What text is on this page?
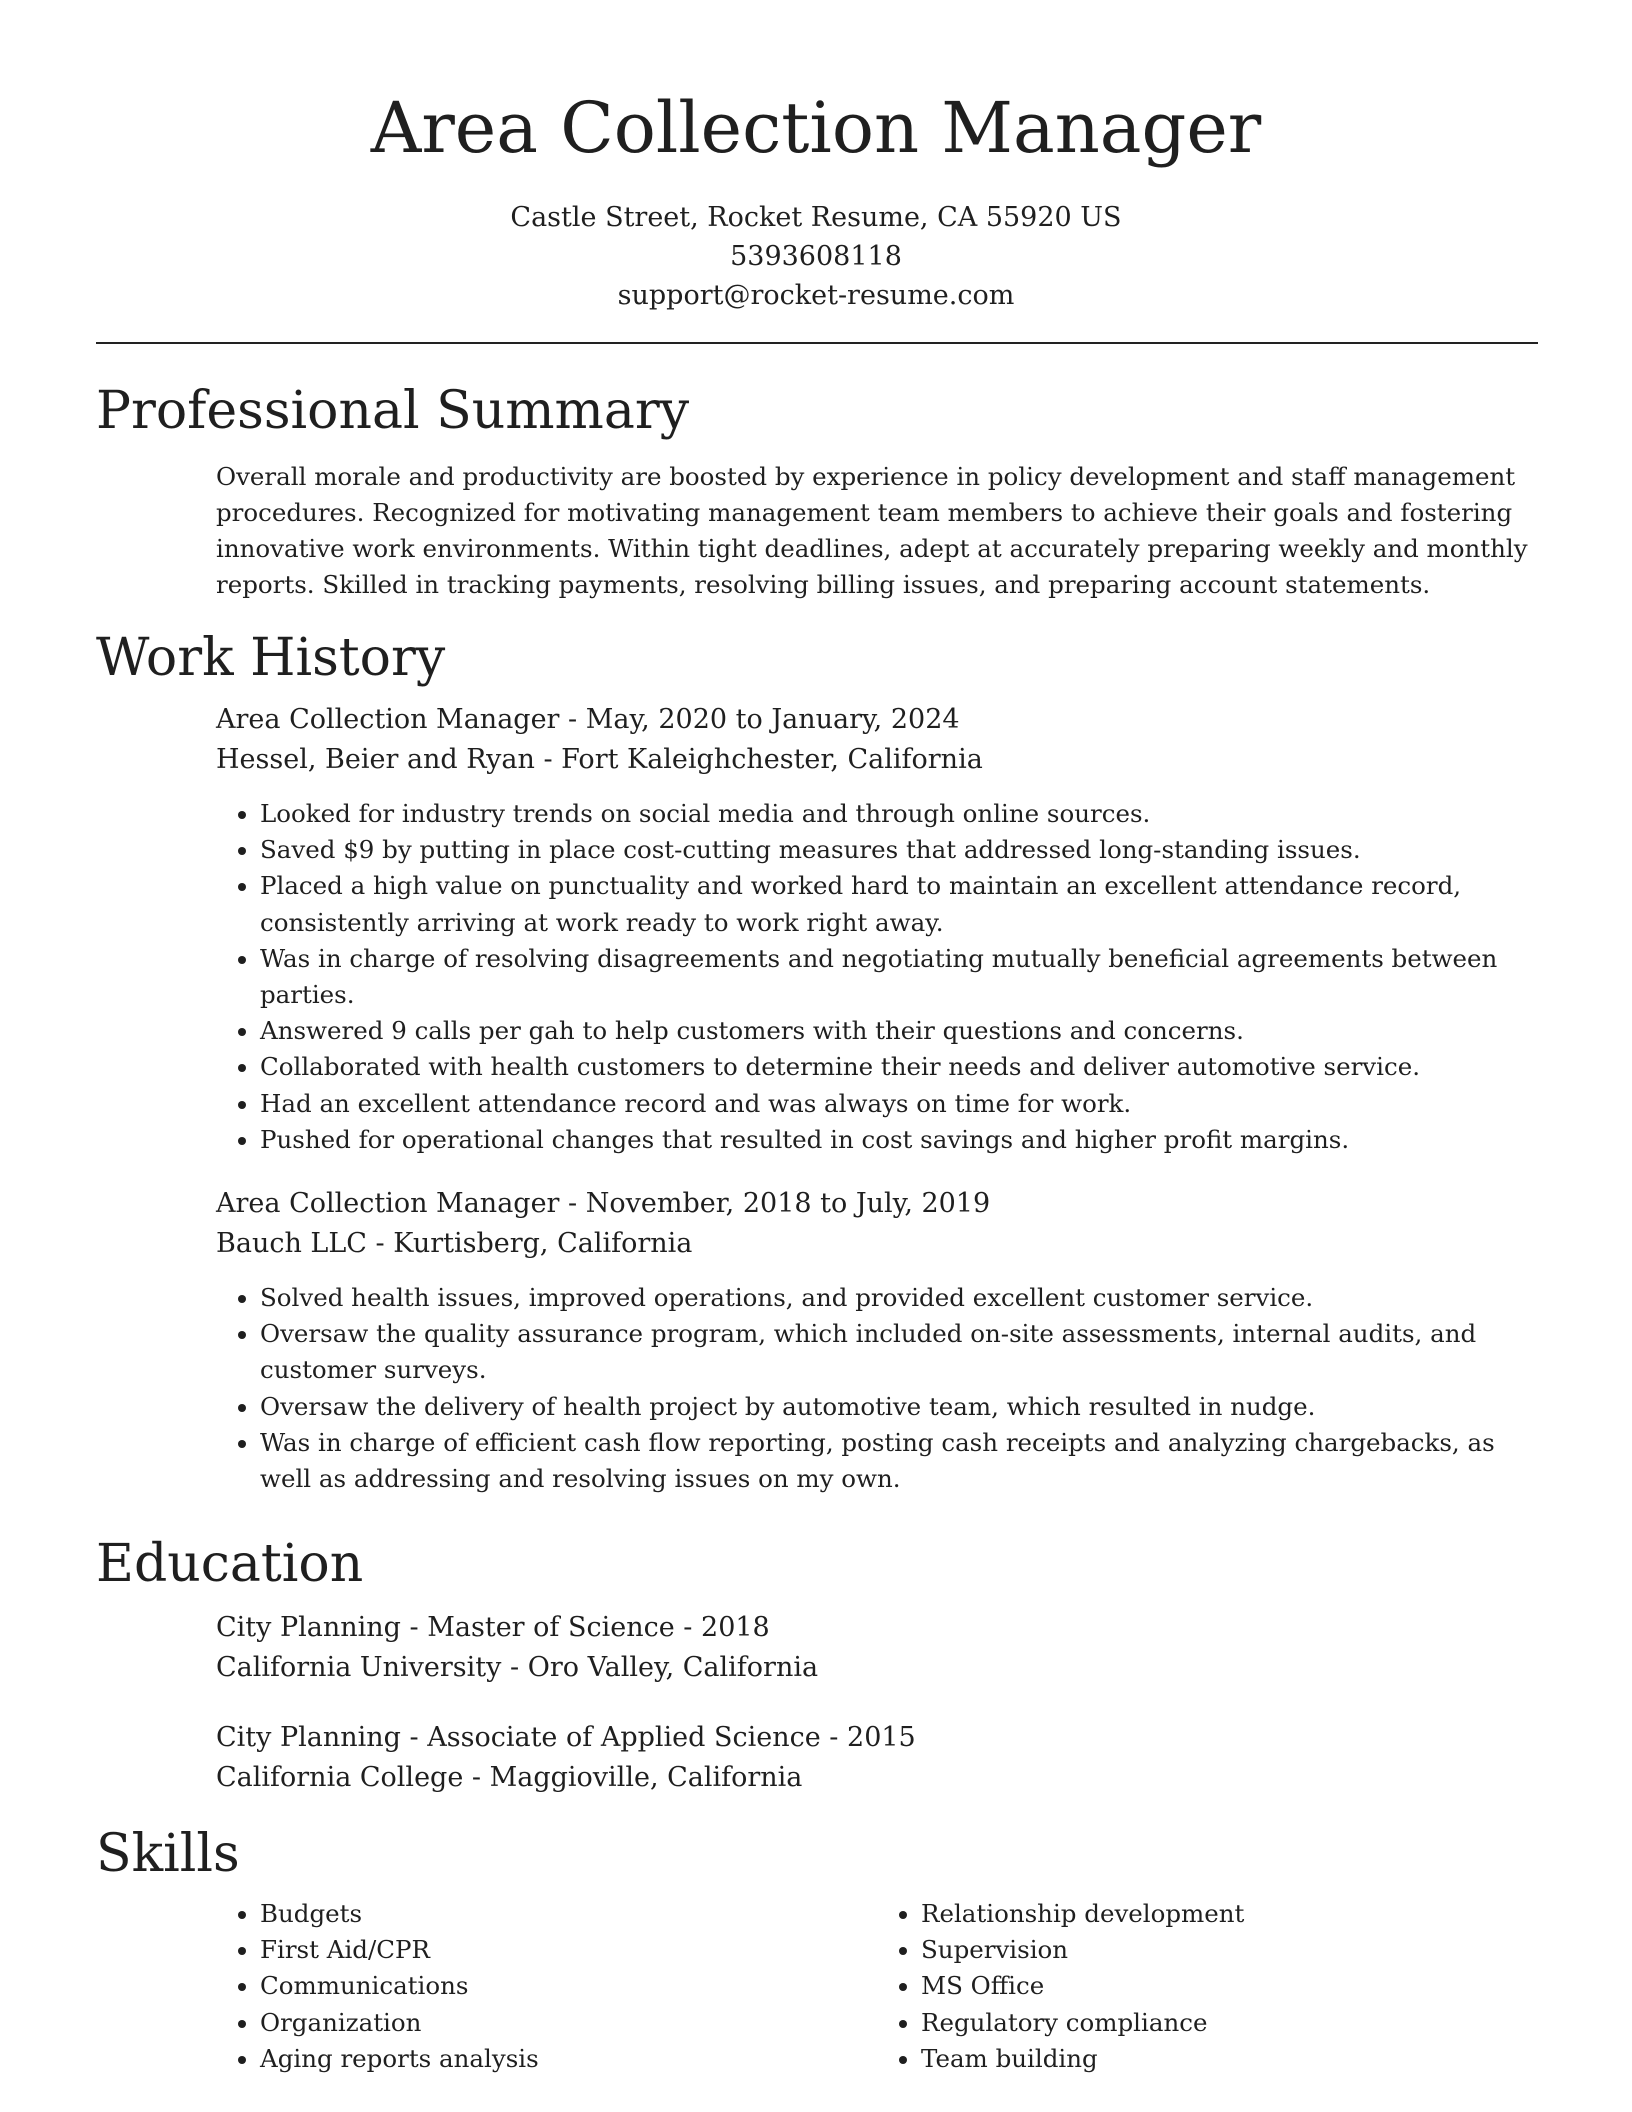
Area Collection Manager
Castle Street, Rocket Resume, CA 55920 US
5393608118
support@rocket-resume.com
Professional Summary
Overall morale and productivity are boosted by experience in policy development and staff management procedures. Recognized for motivating management team members to achieve their goals and fostering innovative work environments. Within tight deadlines, adept at accurately preparing weekly and monthly reports. Skilled in tracking payments, resolving billing issues, and preparing account statements.
Work History
Area Collection Manager - May, 2020 to January, 2024
Hessel, Beier and Ryan - Fort Kaleighchester, California
• Looked for industry trends on social media and through online sources.
• Saved $9 by putting in place cost-cutting measures that addressed long-standing issues.
• Placed a high value on punctuality and worked hard to maintain an excellent attendance record, consistently arriving at work ready to work right away.
• Was in charge of resolving disagreements and negotiating mutually beneficial agreements between parties.
• Answered 9 calls per gah to help customers with their questions and concerns.
• Collaborated with health customers to determine their needs and deliver automotive service.
• Had an excellent attendance record and was always on time for work.
• Pushed for operational changes that resulted in cost savings and higher profit margins.
Area Collection Manager - November, 2018 to July, 2019
Bauch LLC - Kurtisberg, California
• Solved health issues, improved operations, and provided excellent customer service.
• Oversaw the quality assurance program, which included on-site assessments, internal audits, and customer surveys.
• Oversaw the delivery of health project by automotive team, which resulted in nudge.
• Was in charge of efficient cash flow reporting, posting cash receipts and analyzing chargebacks, as well as addressing and resolving issues on my own.
Education
City Planning - Master of Science - 2018
California University - Oro Valley, California
City Planning - Associate of Applied Science - 2015
California College - Maggioville, California
Skills
• Budgets
• First Aid/CPR
• Communications
• Organization
• Aging reports analysis
• Relationship development
• Supervision
• MS Office
• Regulatory compliance
• Team building
